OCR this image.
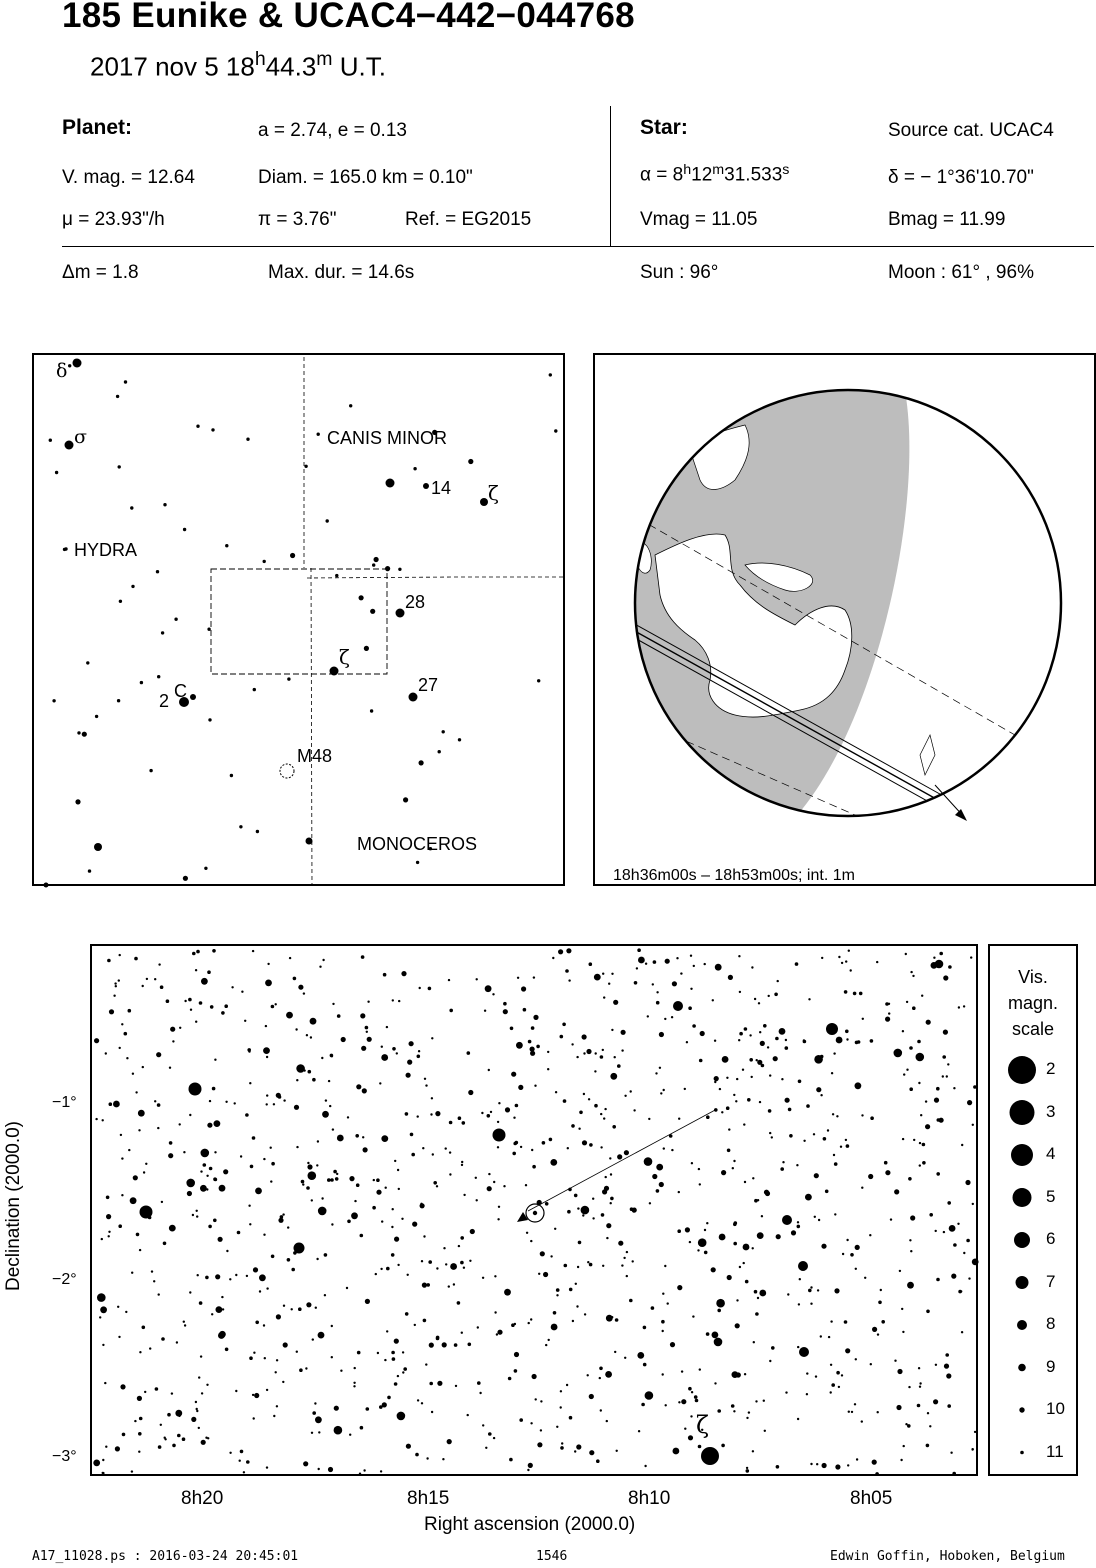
185 Eunike & UCAC4−442−044768
2017 nov 5 18$^h$44.3$^m$ U.T.
Planet:	a = 2.74, e = 0.13
V. mag. = 12.64	Diam. = 165.0 km = 0.10"
μ = 23.93"/h	π = 3.76"	Ref. = EG2015
Star:	Source cat. UCAC4
$\alpha = 8^h12^m31.533^s$	δ = − 1°36'10.70"
Vmag = 11.05	Bmag = 11.99
Δm = 1.8	Max. dur. = 14.6s	Sun : 96°	Moon : 61° , 96%
CANIS MINOR
HYDRA
MONOCEROS
δ
σ
ζ
ζ
14
28
27
2 C
M48
18h36m00s – 18h53m00s; int. 1m
ζ
8h20	8h15	8h10	8h05
Right ascension (2000.0)
−1°
−2°
−3°
Declination (2000.0)
Vis.
magn.
scale
2
3
4
5
6
7
8
9
10
11
A17_11028.ps : 2016-03-24 20:45:01	1546	Edwin Goffin, Hoboken, Belgium
